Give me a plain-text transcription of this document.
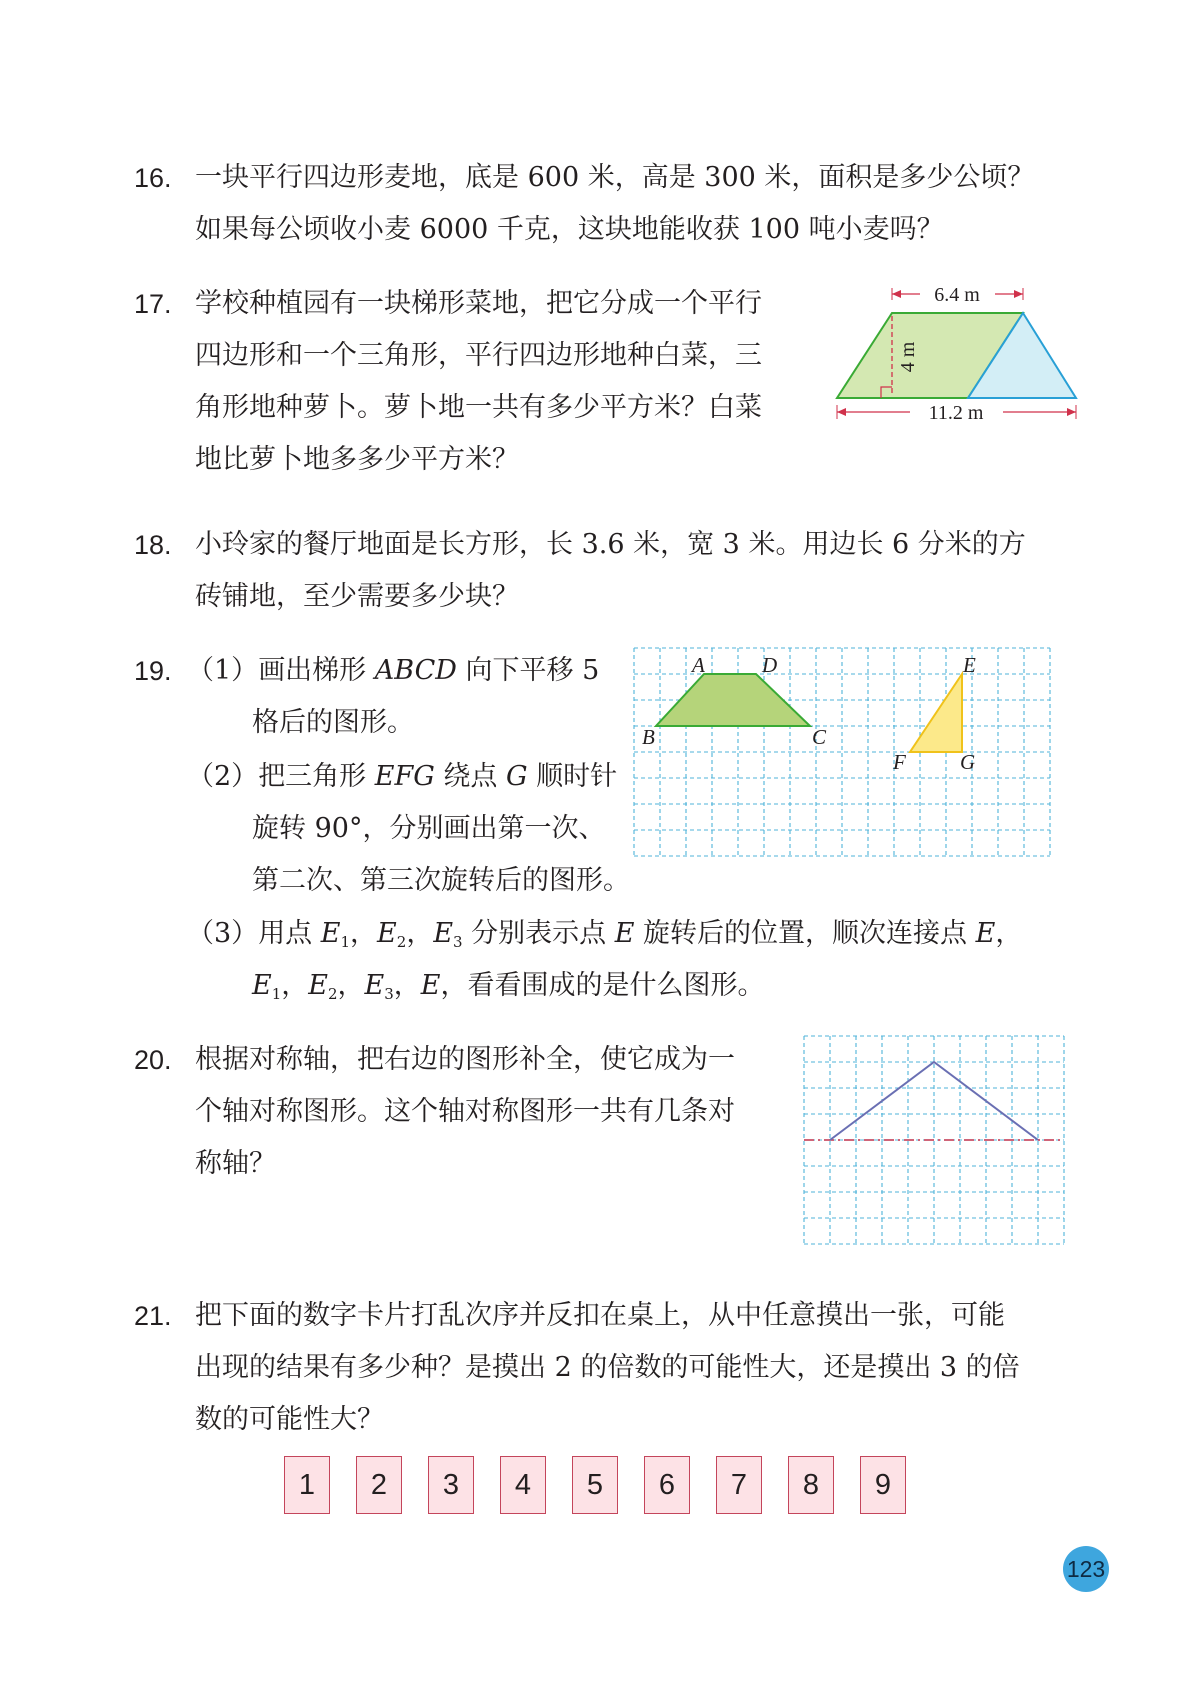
16. 一块平行四边形麦地，底是 600 米，高是 300 米，面积是多少公顷？
如果每公顷收小麦 6000 千克，这块地能收获 100 吨小麦吗？
17. 学校种植园有一块梯形菜地，把它分成一个平行
四边形和一个三角形，平行四边形地种白菜，三
角形地种萝卜。萝卜地一共有多少平方米？白菜
地比萝卜地多多少平方米？
6.4 m
4 m
11.2 m
18. 小玲家的餐厅地面是长方形，长 3.6 米，宽 3 米。用边长 6 分米的方
砖铺地，至少需要多少块？
19. （1）画出梯形 ABCD 向下平移 5
格后的图形。
（2）把三角形 EFG 绕点 G 顺时针
旋转 90°，分别画出第一次、
第二次、第三次旋转后的图形。
（3）用点 $E_1$，$E_2$，$E_3$ 分别表示点 E 旋转后的位置，顺次连接点 E，
$E_1$，$E_2$，$E_3$，E，看看围成的是什么图形。
A	D
B	C
E
F	G
20. 根据对称轴，把右边的图形补全，使它成为一
个轴对称图形。这个轴对称图形一共有几条对
称轴？
21. 把下面的数字卡片打乱次序并反扣在桌上，从中任意摸出一张，可能
出现的结果有多少种？是摸出 2 的倍数的可能性大，还是摸出 3 的倍
数的可能性大？
1	2	3	4	5	6	7	8	9
123
